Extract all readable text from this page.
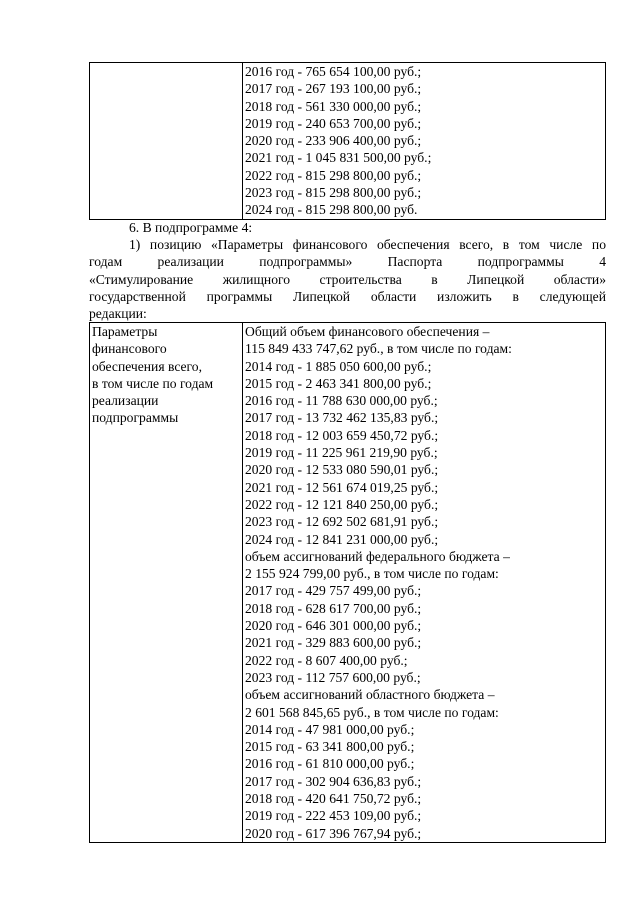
2016 год - 765 654 100,00 руб.;
2017 год - 267 193 100,00 руб.;
2018 год - 561 330 000,00 руб.;
2019 год - 240 653 700,00 руб.;
2020 год - 233 906 400,00 руб.;
2021 год - 1 045 831 500,00 руб.;
2022 год - 815 298 800,00 руб.;
2023 год - 815 298 800,00 руб.;
2024 год - 815 298 800,00 руб.

6. В подпрограмме 4:

1) позицию «Параметры финансового обеспечения всего, в том числе по
годам реализации подпрограммы» Паспорта подпрограммы 4
«Стимулирование жилищного строительства в Липецкой области»
государственной программы Липецкой области изложить в следующей
редакции:

Параметры
финансового
обеспечения всего,
в том числе по годам
реализации
подпрограммы

Общий объем финансового обеспечения –
115 849 433 747,62 руб., в том числе по годам:
2014 год - 1 885 050 600,00 руб.;
2015 год - 2 463 341 800,00 руб.;
2016 год - 11 788 630 000,00 руб.;
2017 год - 13 732 462 135,83 руб.;
2018 год - 12 003 659 450,72 руб.;
2019 год - 11 225 961 219,90 руб.;
2020 год - 12 533 080 590,01 руб.;
2021 год - 12 561 674 019,25 руб.;
2022 год - 12 121 840 250,00 руб.;
2023 год - 12 692 502 681,91 руб.;
2024 год - 12 841 231 000,00 руб.;
объем ассигнований федерального бюджета –
2 155 924 799,00 руб., в том числе по годам:
2017 год - 429 757 499,00 руб.;
2018 год - 628 617 700,00 руб.;
2020 год - 646 301 000,00 руб.;
2021 год - 329 883 600,00 руб.;
2022 год - 8 607 400,00 руб.;
2023 год - 112 757 600,00 руб.;
объем ассигнований областного бюджета –
2 601 568 845,65 руб., в том числе по годам:
2014 год - 47 981 000,00 руб.;
2015 год - 63 341 800,00 руб.;
2016 год - 61 810 000,00 руб.;
2017 год - 302 904 636,83 руб.;
2018 год - 420 641 750,72 руб.;
2019 год - 222 453 109,00 руб.;
2020 год - 617 396 767,94 руб.;
